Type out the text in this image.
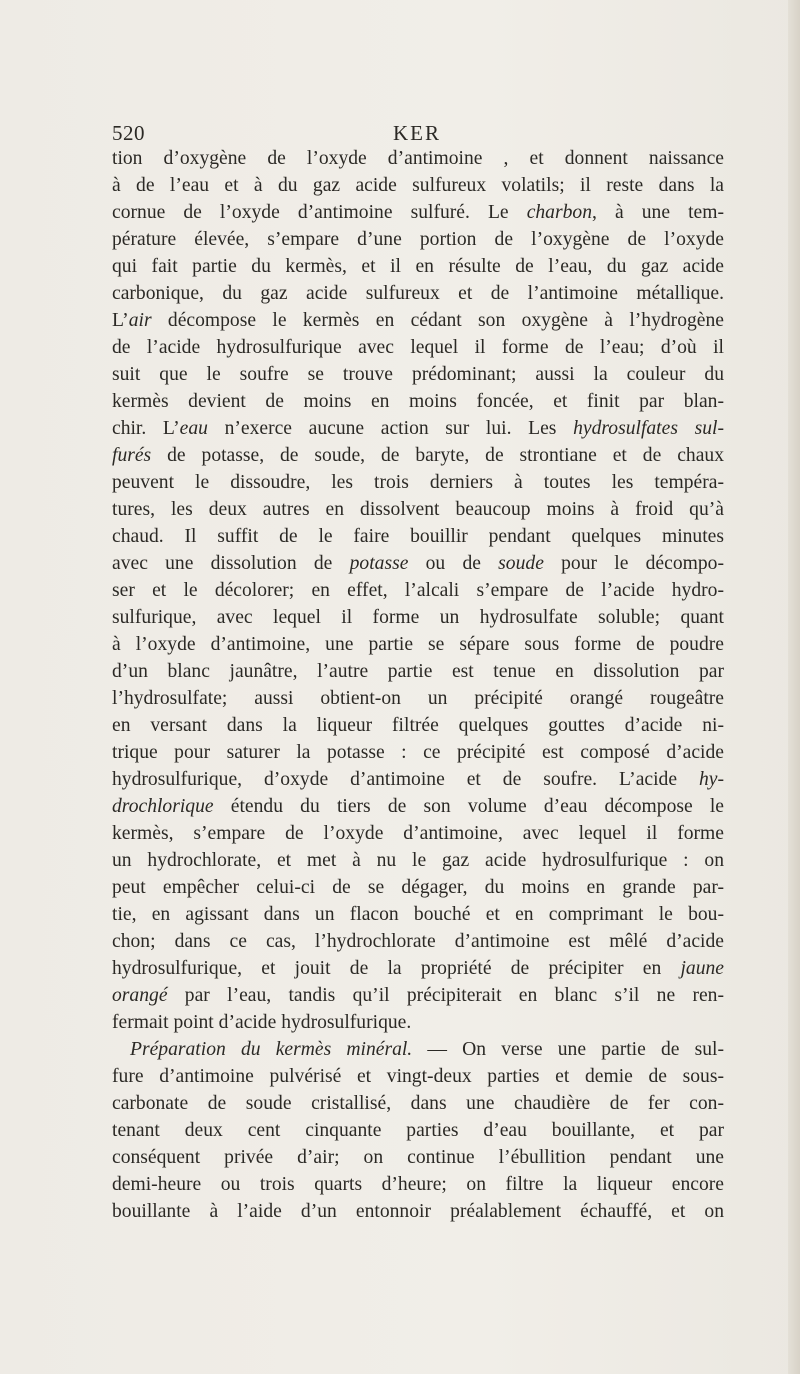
520	KER
tion d’oxygène de l’oxyde d’antimoine , et donnent naissance
à de l’eau et à du gaz acide sulfureux volatils; il reste dans la
cornue de l’oxyde d’antimoine sulfuré. Le charbon, à une tem-
pérature élevée, s’empare d’une portion de l’oxygène de l’oxyde
qui fait partie du kermès, et il en résulte de l’eau, du gaz acide
carbonique, du gaz acide sulfureux et de l’antimoine métallique.
L’air décompose le kermès en cédant son oxygène à l’hydrogène
de l’acide hydrosulfurique avec lequel il forme de l’eau; d’où il
suit que le soufre se trouve prédominant; aussi la couleur du
kermès devient de moins en moins foncée, et finit par blan-
chir. L’eau n’exerce aucune action sur lui. Les hydrosulfates sul-
furés de potasse, de soude, de baryte, de strontiane et de chaux
peuvent le dissoudre, les trois derniers à toutes les tempéra-
tures, les deux autres en dissolvent beaucoup moins à froid qu’à
chaud. Il suffit de le faire bouillir pendant quelques minutes
avec une dissolution de potasse ou de soude pour le décompo-
ser et le décolorer; en effet, l’alcali s’empare de l’acide hydro-
sulfurique, avec lequel il forme un hydrosulfate soluble; quant
à l’oxyde d’antimoine, une partie se sépare sous forme de poudre
d’un blanc jaunâtre, l’autre partie est tenue en dissolution par
l’hydrosulfate; aussi obtient-on un précipité orangé rougeâtre
en versant dans la liqueur filtrée quelques gouttes d’acide ni-
trique pour saturer la potasse : ce précipité est composé d’acide
hydrosulfurique, d’oxyde d’antimoine et de soufre. L’acide hy-
drochlorique étendu du tiers de son volume d’eau décompose le
kermès, s’empare de l’oxyde d’antimoine, avec lequel il forme
un hydrochlorate, et met à nu le gaz acide hydrosulfurique : on
peut empêcher celui-ci de se dégager, du moins en grande par-
tie, en agissant dans un flacon bouché et en comprimant le bou-
chon; dans ce cas, l’hydrochlorate d’antimoine est mêlé d’acide
hydrosulfurique, et jouit de la propriété de précipiter en jaune
orangé par l’eau, tandis qu’il précipiterait en blanc s’il ne ren-
fermait point d’acide hydrosulfurique.
Préparation du kermès minéral. — On verse une partie de sul-
fure d’antimoine pulvérisé et vingt-deux parties et demie de sous-
carbonate de soude cristallisé, dans une chaudière de fer con-
tenant deux cent cinquante parties d’eau bouillante, et par
conséquent privée d’air; on continue l’ébullition pendant une
demi-heure ou trois quarts d’heure; on filtre la liqueur encore
bouillante à l’aide d’un entonnoir préalablement échauffé, et on
